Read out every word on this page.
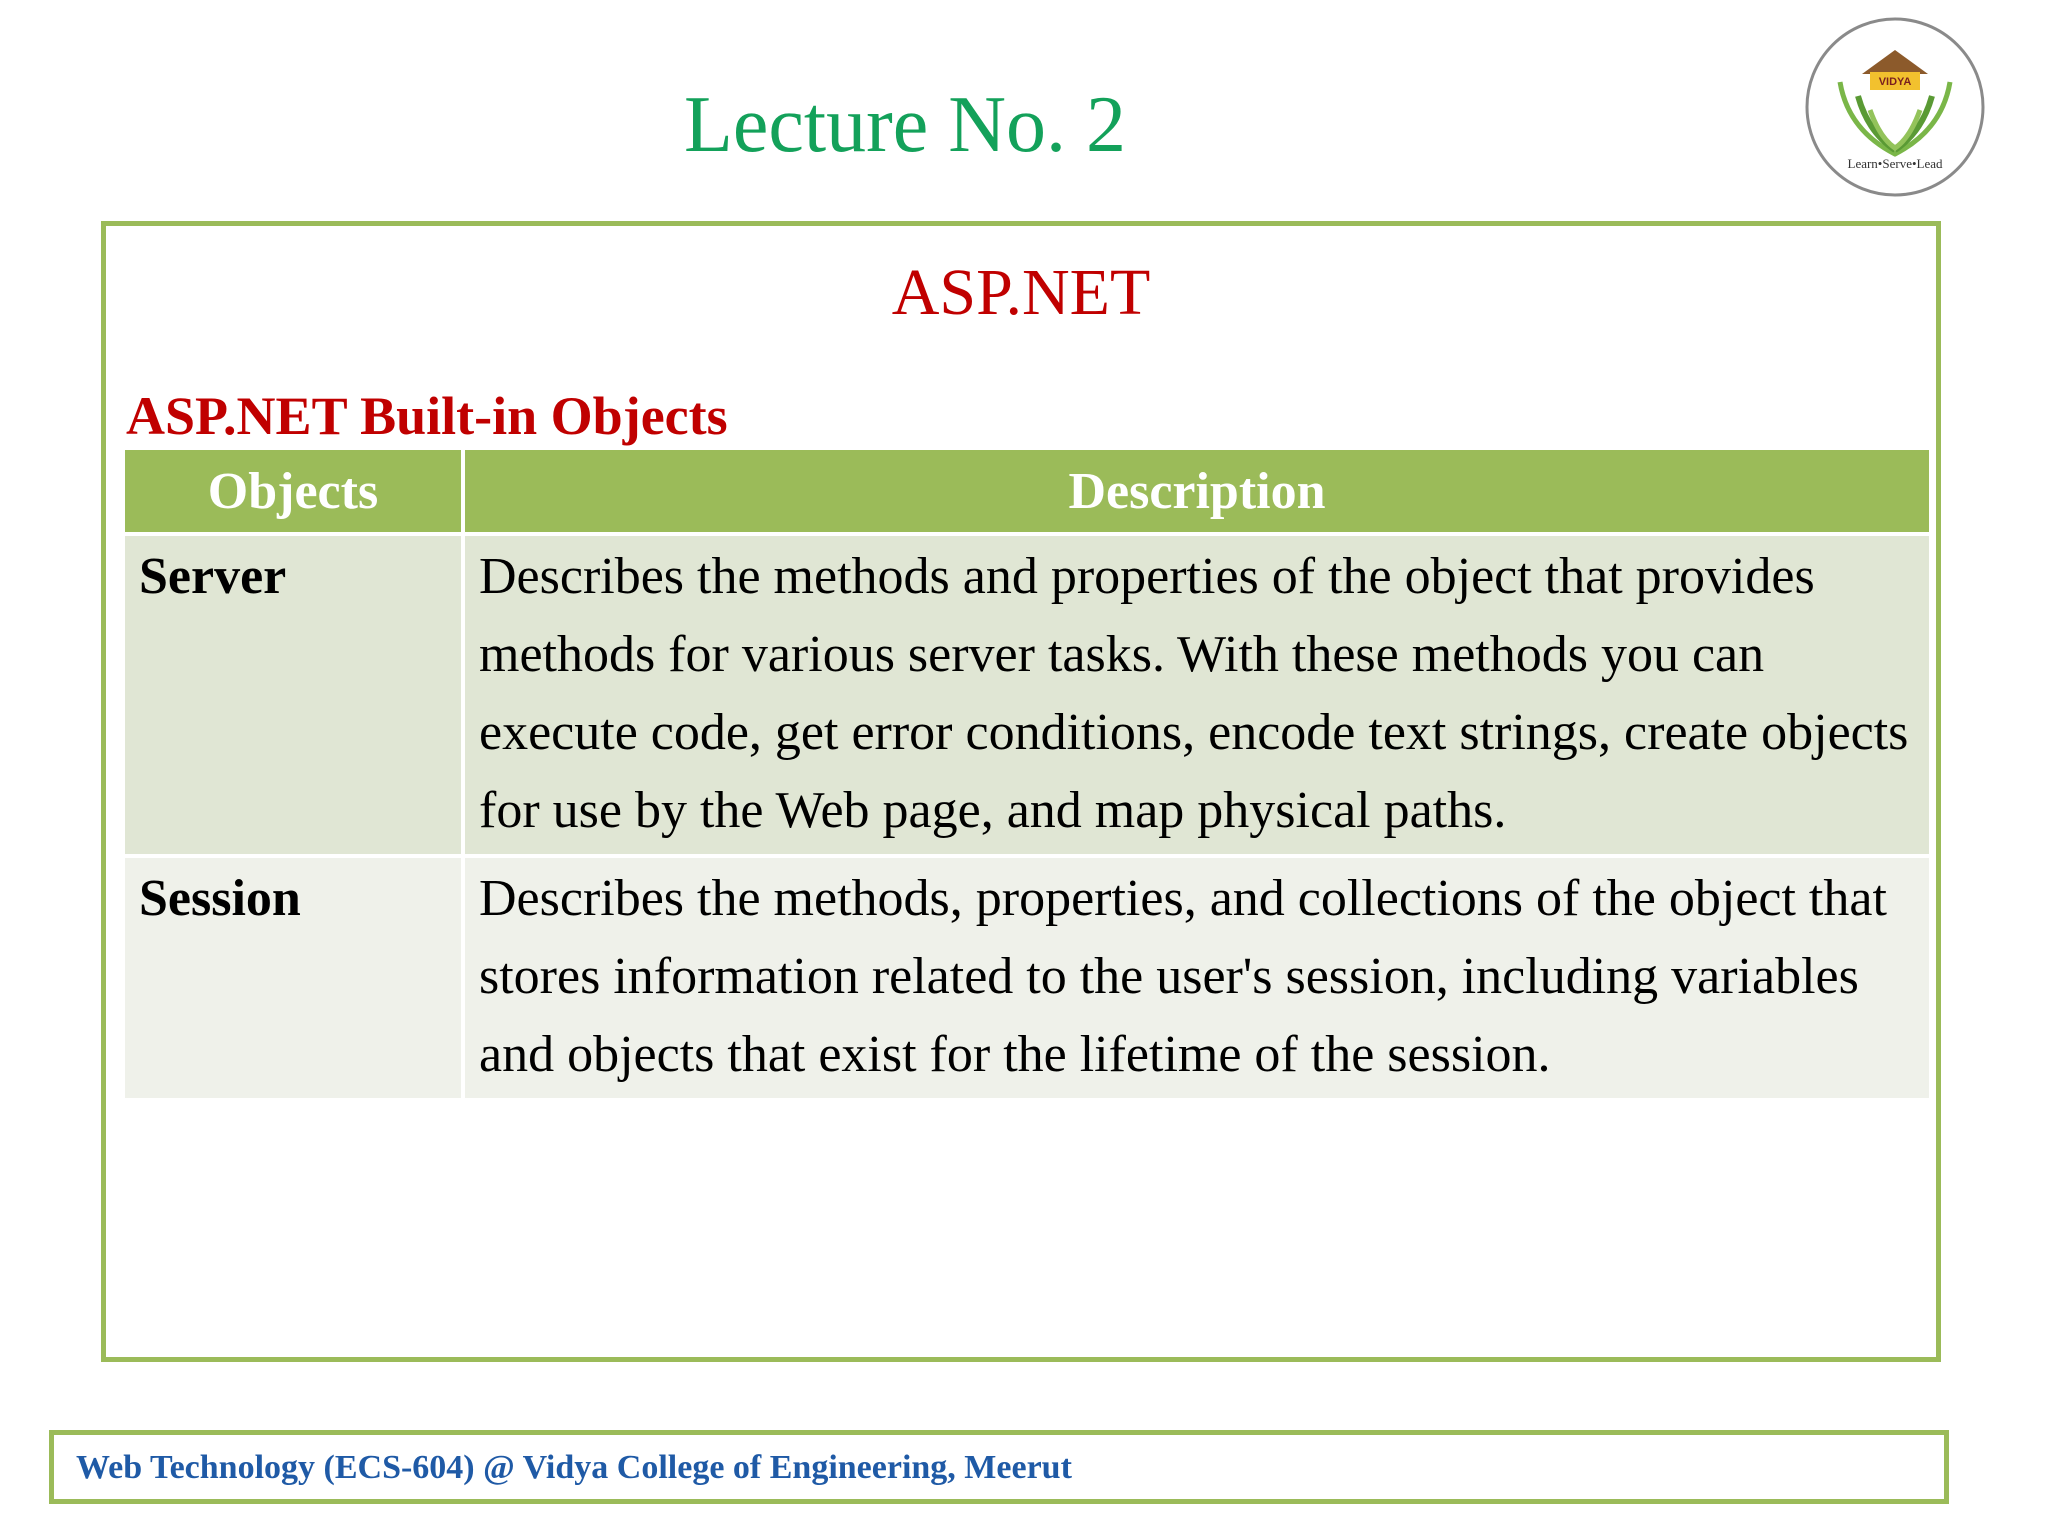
Lecture No. 2	VIDYA
Learn•Serve•Lead
ASP.NET
ASP.NET Built-in Objects
Objects	Description
Server	Describes the methods and properties of the object that provides methods for various server tasks. With these methods you can execute code, get error conditions, encode text strings, create objects for use by the Web page, and map physical paths.
Session	Describes the methods, properties, and collections of the object that stores information related to the user's session, including variables and objects that exist for the lifetime of the session.
Web Technology (ECS-604) @ Vidya College of Engineering, Meerut
